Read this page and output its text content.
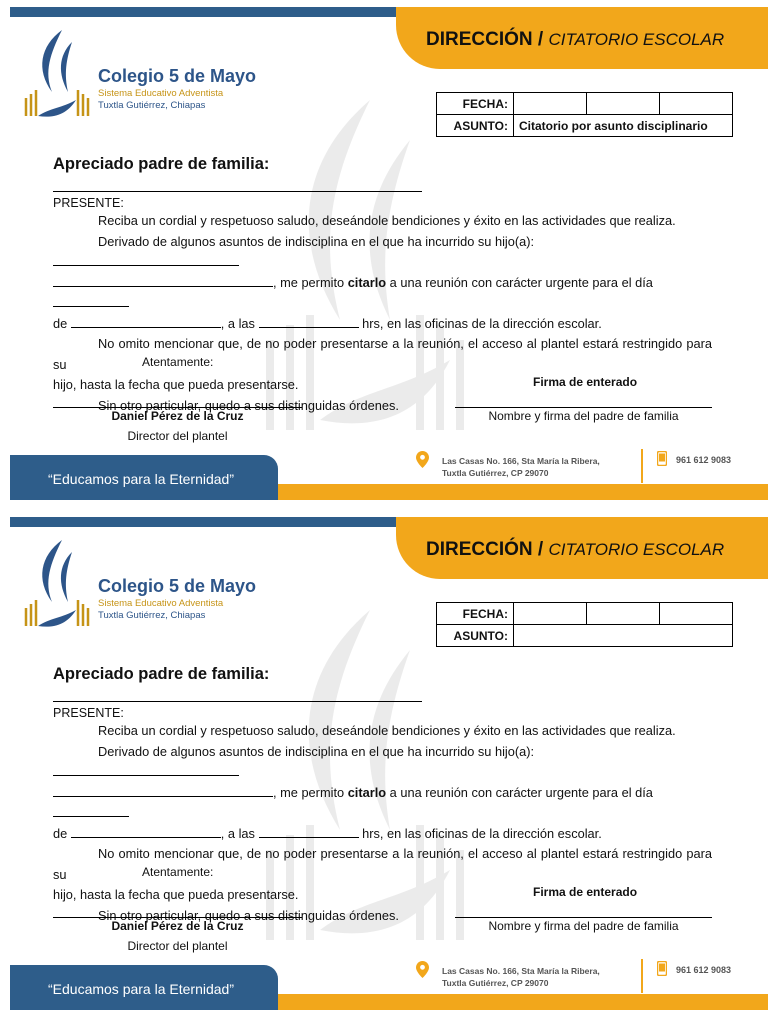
DIRECCIÓN / CITATORIO ESCOLAR
Colegio 5 de Mayo
Sistema Educativo Adventista
Tuxtla Gutiérrez, Chiapas	FECHA:			
ASUNTO:	Citatorio por asunto disciplinario		
Apreciado padre de familia:
PRESENTE:

Reciba un cordial y respetuoso saludo, deseándole bendiciones y éxito en las actividades que realiza.

Derivado de algunos asuntos de indisciplina en el que ha incurrido su hijo(a):

, me permito citarlo a una reunión con carácter urgente para el día

de	, a las	hrs, en las oficinas de la dirección escolar.

No omito mencionar que, de no poder presentarse a la reunión, el acceso al plantel estará restringido para su

hijo, hasta la fecha que pueda presentarse.

Sin otro particular, quedo a sus distinguidas órdenes.

Atentamente:
Firma de enterado
Daniel Pérez de la Cruz
Director del plantel
Nombre y firma del padre de familia
“Educamos para la Eternidad”
Las Casas No. 166, Sta María la Ribera,
Tuxtla Gutiérrez, CP 29070
961 612 9083
DIRECCIÓN / CITATORIO ESCOLAR
Colegio 5 de Mayo
Sistema Educativo Adventista
Tuxtla Gutiérrez, Chiapas	FECHA:			
ASUNTO:			
Apreciado padre de familia:
PRESENTE:

Reciba un cordial y respetuoso saludo, deseándole bendiciones y éxito en las actividades que realiza.

Derivado de algunos asuntos de indisciplina en el que ha incurrido su hijo(a):

, me permito citarlo a una reunión con carácter urgente para el día

de	, a las	hrs, en las oficinas de la dirección escolar.

No omito mencionar que, de no poder presentarse a la reunión, el acceso al plantel estará restringido para su

hijo, hasta la fecha que pueda presentarse.

Sin otro particular, quedo a sus distinguidas órdenes.

Atentamente:
Firma de enterado
Daniel Pérez de la Cruz
Director del plantel
Nombre y firma del padre de familia
“Educamos para la Eternidad”
Las Casas No. 166, Sta María la Ribera,
Tuxtla Gutiérrez, CP 29070
961 612 9083
